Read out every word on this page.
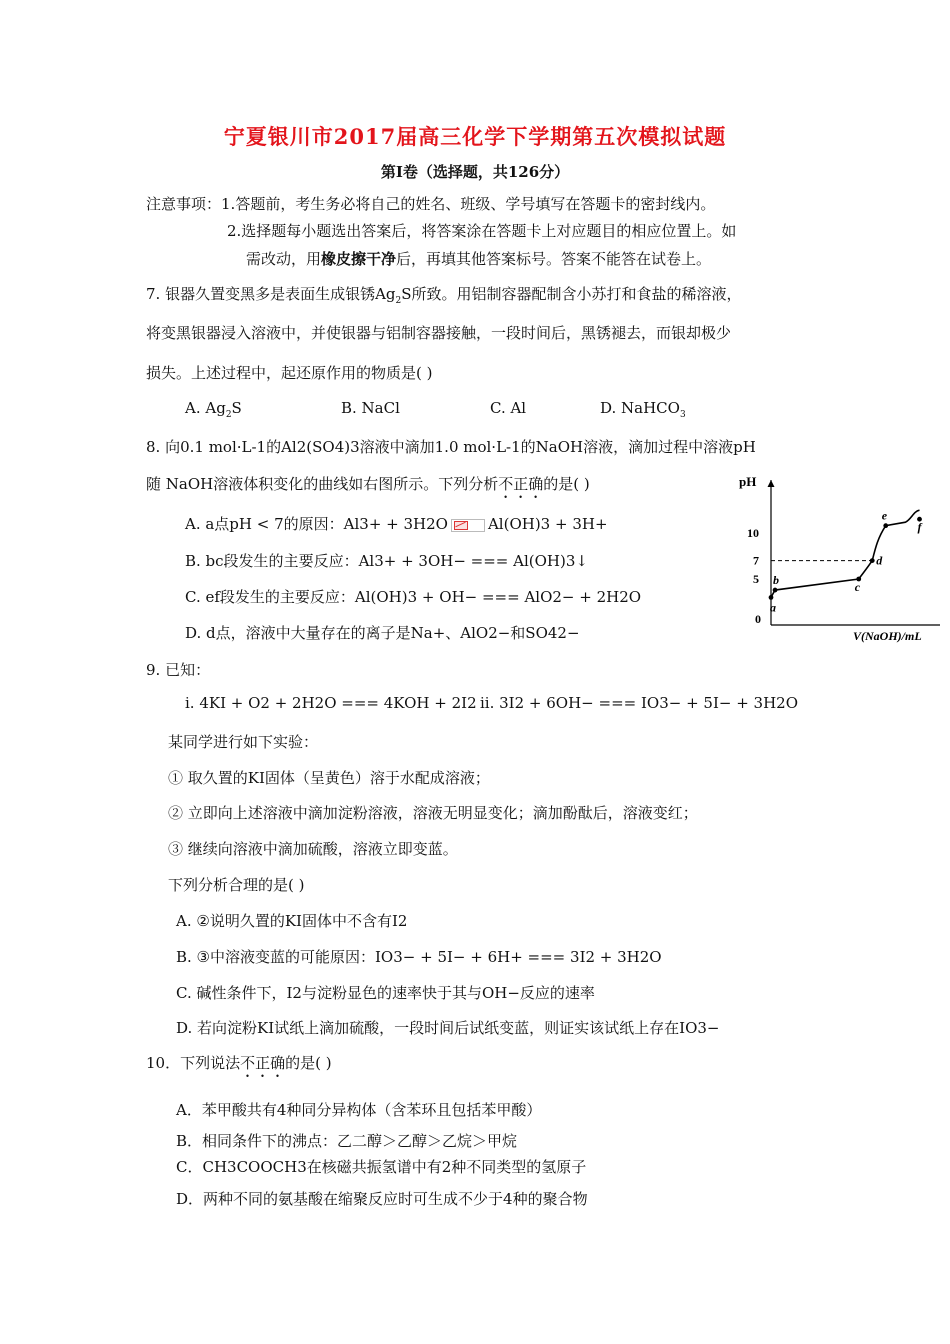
宁夏银川市2017届高三化学下学期第五次模拟试题
第Ⅰ卷（选择题，共126分）
注意事项：1.答题前，考生务必将自己的姓名、班级、学号填写在答题卡的密封线内。
2.选择题每小题选出答案后，将答案涂在答题卡上对应题目的相应位置上。如
需改动，用橡皮擦干净后，再填其他答案标号。答案不能答在试卷上。
7. 银器久置变黑多是表面生成银锈$Ag_2S$所致。用铝制容器配制含小苏打和食盐的稀溶液，
将变黑银器浸入溶液中，并使银器与铝制容器接触，一段时间后，黑锈褪去，而银却极少
损失。上述过程中，起还原作用的物质是( )
A. $Ag_2S$	B. NaCl	C. Al	D. NaHCO$_3$
8. 向0.1 mol·L-1的Al2(SO4)3溶液中滴加1.0 mol·L-1的NaOH溶液，滴加过程中溶液pH
随 NaOH溶液体积变化的曲线如右图所示。下列分析不正确的是( )
A. a点pH < 7的原因：Al3+ + 3H2O	Al(OH)3 + 3H+
B. bc段发生的主要反应：Al3+ + 3OH− === Al(OH)3↓
C. ef段发生的主要反应：Al(OH)3 + OH− === AlO2− + 2H2O
D. d点，溶液中大量存在的离子是Na+、AlO2−和SO42−
pH
V(NaOH)/mL
0
5
7
10
a
b	c
d
e
f
9. 已知：
i. 4KI + O2 + 2H2O === 4KOH + 2I2 ii. 3I2 + 6OH− === IO3− + 5I− + 3H2O
某同学进行如下实验：
① 取久置的KI固体（呈黄色）溶于水配成溶液；
② 立即向上述溶液中滴加淀粉溶液，溶液无明显变化；滴加酚酞后，溶液变红；
③ 继续向溶液中滴加硫酸，溶液立即变蓝。
下列分析合理的是( )
A. ②说明久置的KI固体中不含有I2
B. ③中溶液变蓝的可能原因：IO3− + 5I− + 6H+ === 3I2 + 3H2O
C. 碱性条件下，I2与淀粉显色的速率快于其与OH−反应的速率
D. 若向淀粉KI试纸上滴加硫酸，一段时间后试纸变蓝，则证实该试纸上存在IO3−
10．下列说法不正确的是( )
A．苯甲酸共有4种同分异构体（含苯环且包括苯甲酸）
B．相同条件下的沸点：乙二醇＞乙醇＞乙烷＞甲烷
C．CH3COOCH3在核磁共振氢谱中有2种不同类型的氢原子
D．两种不同的氨基酸在缩聚反应时可生成不少于4种的聚合物
